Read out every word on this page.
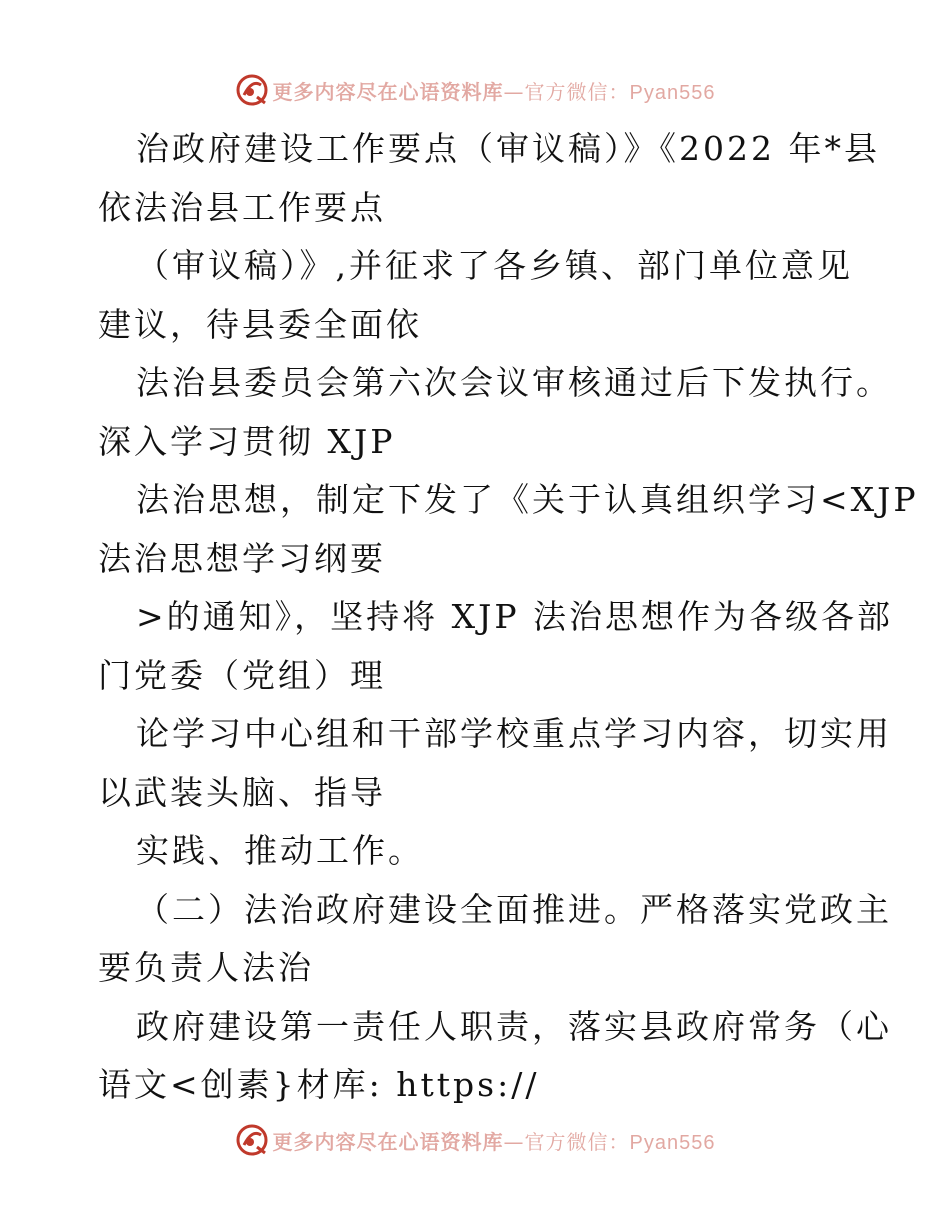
更多内容尽在心语资料库—官方微信：Pyan556
治政府建设工作要点（审议稿）》《2022 年*县
依法治县工作要点
（审议稿）》,并征求了各乡镇、部门单位意见
建议，待县委全面依
法治县委员会第六次会议审核通过后下发执行。
深入学习贯彻 XJP
法治思想，制定下发了《关于认真组织学习<XJP
法治思想学习纲要
>的通知》，坚持将 XJP 法治思想作为各级各部
门党委（党组）理
论学习中心组和干部学校重点学习内容，切实用
以武装头脑、指导
实践、推动工作。
（二）法治政府建设全面推进。严格落实党政主
要负责人法治
政府建设第一责任人职责，落实县政府常务（心
语文<创素}材库: https://
更多内容尽在心语资料库—官方微信：Pyan556
